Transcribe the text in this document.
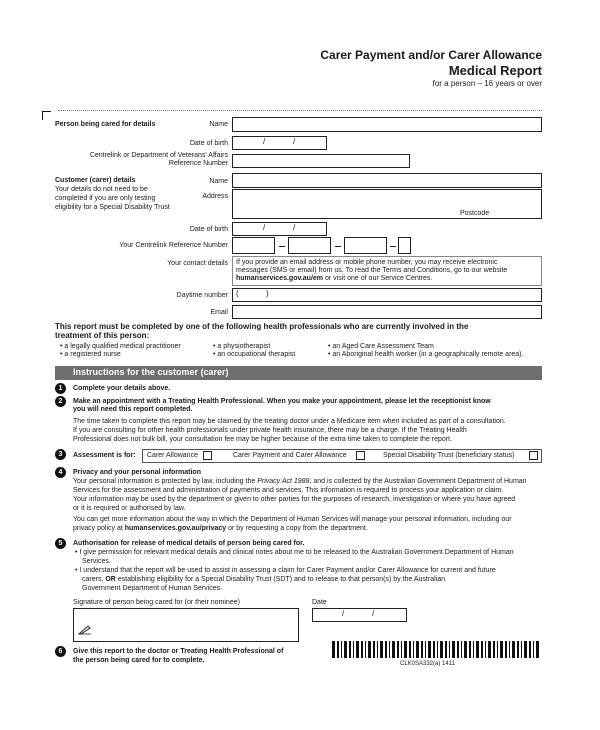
Carer Payment and/or Carer Allowance
Medical Report
for a person – 16 years or over
Person being cared for details	Name
Date of birth	/	/
Centrelink or Department of Veterans' Affairs
Reference Number
Customer (carer) details
Your details do not need to be
completed if you are only testing
eligibility for a Special Disability Trust
Name
Address
Postcode
Date of birth	/	/
Your Centrelink Reference Number
Your contact details If you provide an email address or mobile phone number, you may receive electronic
messages (SMS or email) from us. To read the Terms and Conditions, go to our website
humanservices.gov.au/em or visit one of our Service Centres.
Daytime number (	)
Email
This report must be completed by one of the following health professionals who are currently involved in the
treatment of this person:
• a legally qualified medical practitioner
• a registered nurse
• a physiotherapist
• an occupational therapist
• an Aged Care Assessment Team
• an Aboriginal health worker (in a geographically remote area).
Instructions for the customer (carer)
1	Complete your details above.
2	Make an appointment with a Treating Health Professional. When you make your appointment, please let the receptionist know
you will need this report completed.
The time taken to complete this report may be claimed by the treating doctor under a Medicare item when included as part of a consultation.
If you are consulting for other health professionals under private health insurance, there may be a charge. If the Treating Health
Professional does not bulk bill, your consultation fee may be higher because of the extra time taken to complete the report.
3	Assessment is for: Carer Allowance	Carer Payment and Carer Allowance	Special Disability Trust (beneficiary status)
4	Privacy and your personal information
Your personal information is protected by law, including the Privacy Act 1988, and is collected by the Australian Government Department of Human
Services for the assessment and administration of payments and services. This information is required to process your application or claim.
Your information may be used by the department or given to other parties for the purposes of research, investigation or where you have agreed
or it is required or authorised by law.
You can get more information about the way in which the Department of Human Services will manage your personal information, including our
privacy policy at humanservices.gov.au/privacy or by requesting a copy from the department.
5	Authorisation for release of medical details of person being cared for.
• I give permission for relevant medical details and clinical notes about me to be released to the Australian Government Department of Human
Services.
• I understand that the report will be used to assist in assessing a claim for Carer Payment and/or Carer Allowance for current and future
carers, OR establishing eligibility for a Special Disability Trust (SDT) and to release to that person(s) by the Australian
Government Department of Human Services.
Signature of person being cared for (or their nominee)	Date
/	/
6	Give this report to the doctor or Treating Health Professional of
the person being cared for to complete.	CLK0SA332(a) 1411
